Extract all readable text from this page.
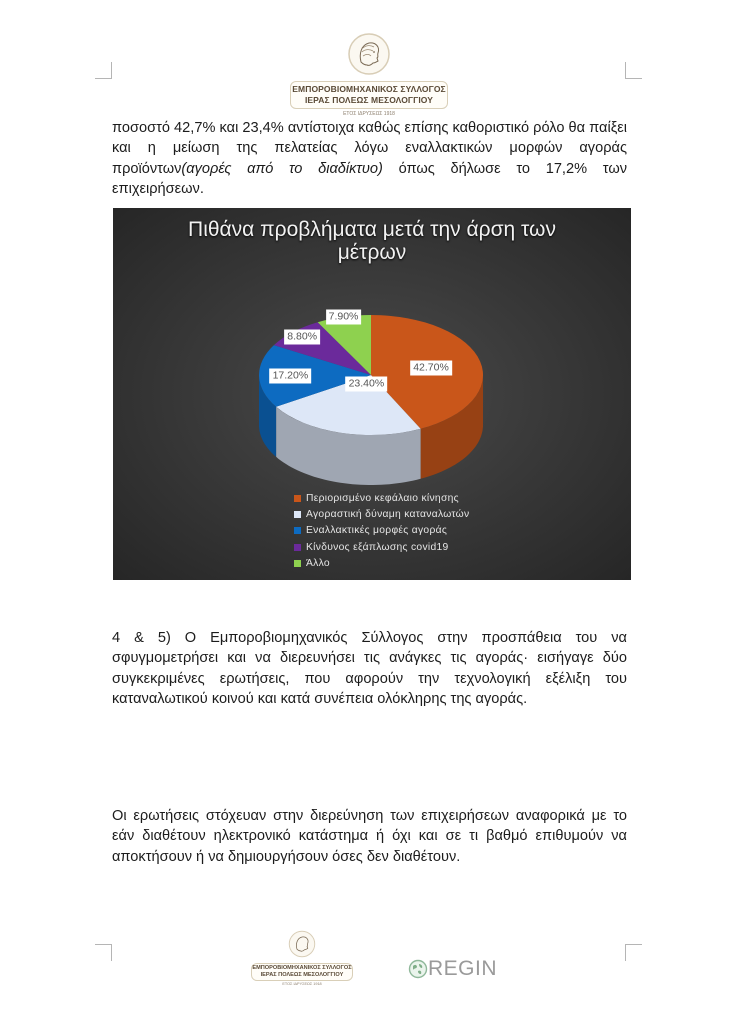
ΕΜΠΟΡΟΒΙΟΜΗΧΑΝΙΚΟΣ ΣΥΛΛΟΓΟΣ
ΙΕΡΑΣ ΠΟΛΕΩΣ ΜΕΣΟΛΟΓΓΙΟΥ
ΕΤΟΣ ΙΔΡΥΣΕΩΣ 1918
ποσοστό 42,7% και 23,4% αντίστοιχα καθώς επίσης καθοριστικό ρόλο θα παίξει και η μείωση της πελατείας λόγω εναλλακτικών μορφών αγοράς προϊόντων(αγορές από το διαδίκτυο) όπως δήλωσε το 17,2% των επιχειρήσεων.
Πιθάνα προβλήματα μετά την άρση των
μέτρων
42.70%
23.40%
17.20%
8.80%
7.90%
Περιορισμένο κεφάλαιο κίνησης
Αγοραστική δύναμη καταναλωτών
Εναλλακτικές μορφές αγοράς
Κίνδυνος εξάπλωσης covid19
Άλλο
4 & 5) Ο Εμπορoβιομηχανικός Σύλλογος στην προσπάθεια του να σφυγμομετρήσει και να διερευνήσει τις ανάγκες τις αγοράς· εισήγαγε δύο συγκεκριμένες ερωτήσεις, που αφορούν την τεχνολογική εξέλιξη του καταναλωτικού κοινού και κατά συνέπεια ολόκληρης της αγοράς.
Οι ερωτήσεις στόχευαν στην διερεύνηση των επιχειρήσεων αναφορικά με το εάν διαθέτουν ηλεκτρονικό κατάστημα ή όχι και σε τι βαθμό επιθυμούν να αποκτήσουν ή να δημιουργήσουν όσες δεν διαθέτουν.
ΕΜΠΟΡΟΒΙΟΜΗΧΑΝΙΚΟΣ ΣΥΛΛΟΓΟΣ
ΙΕΡΑΣ ΠΟΛΕΩΣ ΜΕΣΟΛΟΓΓΙΟΥ
ΕΤΟΣ ΙΔΡΥΣΕΩΣ 1918
REGIN
